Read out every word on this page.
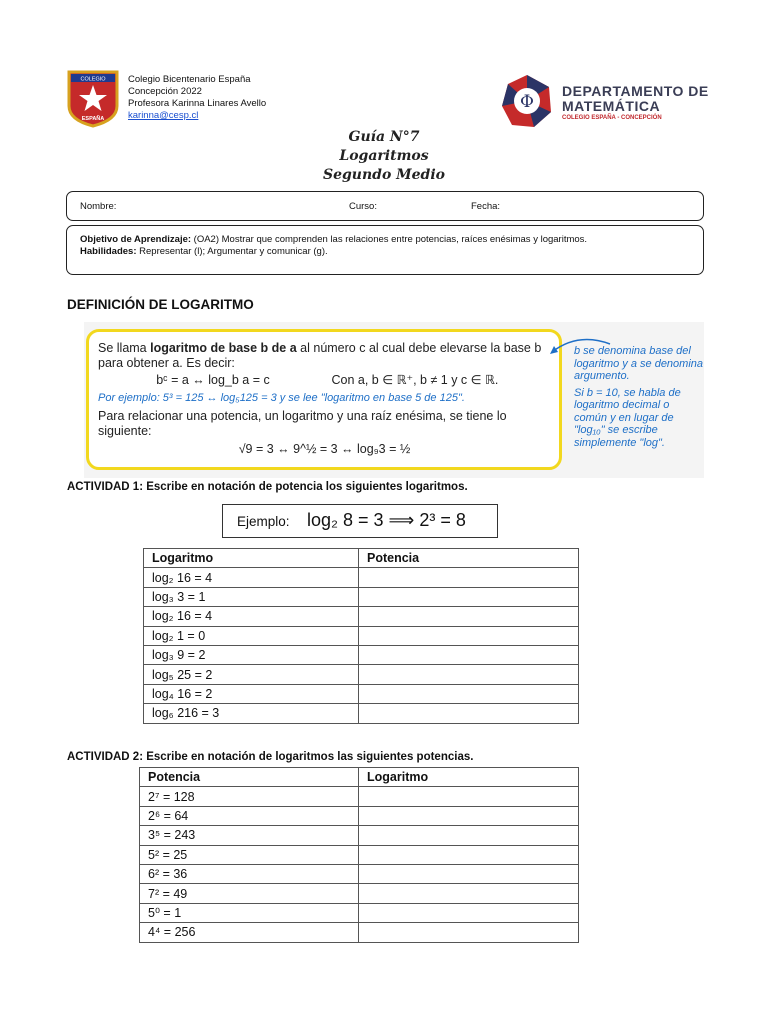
COLEGIO
ESPAÑA
Colegio Bicentenario España
Concepción 2022
Profesora Karinna Linares Avello
karinna@cesp.cl
Φ
DEPARTAMENTO DE
MATEMÁTICA
COLEGIO ESPAÑA - CONCEPCIÓN
Guía N°7
Logaritmos
Segundo Medio
Nombre:	Curso:	Fecha:
Objetivo de Aprendizaje: (OA2) Mostrar que comprenden las relaciones entre potencias, raíces enésimas y logaritmos.
Habilidades: Representar (l); Argumentar y comunicar (g).
DEFINICIÓN DE LOGARITMO
Se llama logaritmo de base b de a al número c al cual debe elevarse la base b para obtener a. Es decir:
bᶜ = a ↔ log_b a = c	Con a, b ∈ ℝ⁺, b ≠ 1 y c ∈ ℝ.
Por ejemplo: 5³ = 125 ↔ log₅125 = 3 y se lee "logaritmo en base 5 de 125".
Para relacionar una potencia, un logaritmo y una raíz enésima, se tiene lo siguiente:
√9 = 3 ↔ 9^½ = 3 ↔ log₉3 = ½
b se denomina base del logaritmo y a se denomina argumento.
Si b = 10, se habla de logaritmo decimal o común y en lugar de "log₁₀" se escribe simplemente "log".
ACTIVIDAD 1: Escribe en notación de potencia los siguientes logaritmos.
Ejemplo: log₂ 8 = 3 ⟹ 2³ = 8
Logaritmo	Potencia
log₂ 16 = 4	
log₃ 3 = 1	
log₂ 16 = 4	
log₂ 1 = 0	
log₃ 9 = 2	
log₅ 25 = 2	
log₄ 16 = 2	
log₆ 216 = 3	
ACTIVIDAD 2: Escribe en notación de logaritmos las siguientes potencias.
Potencia	Logaritmo
2⁷ = 128	
2⁶ = 64	
3⁵ = 243	
5² = 25	
6² = 36	
7² = 49	
5⁰ = 1	
4⁴ = 256	
